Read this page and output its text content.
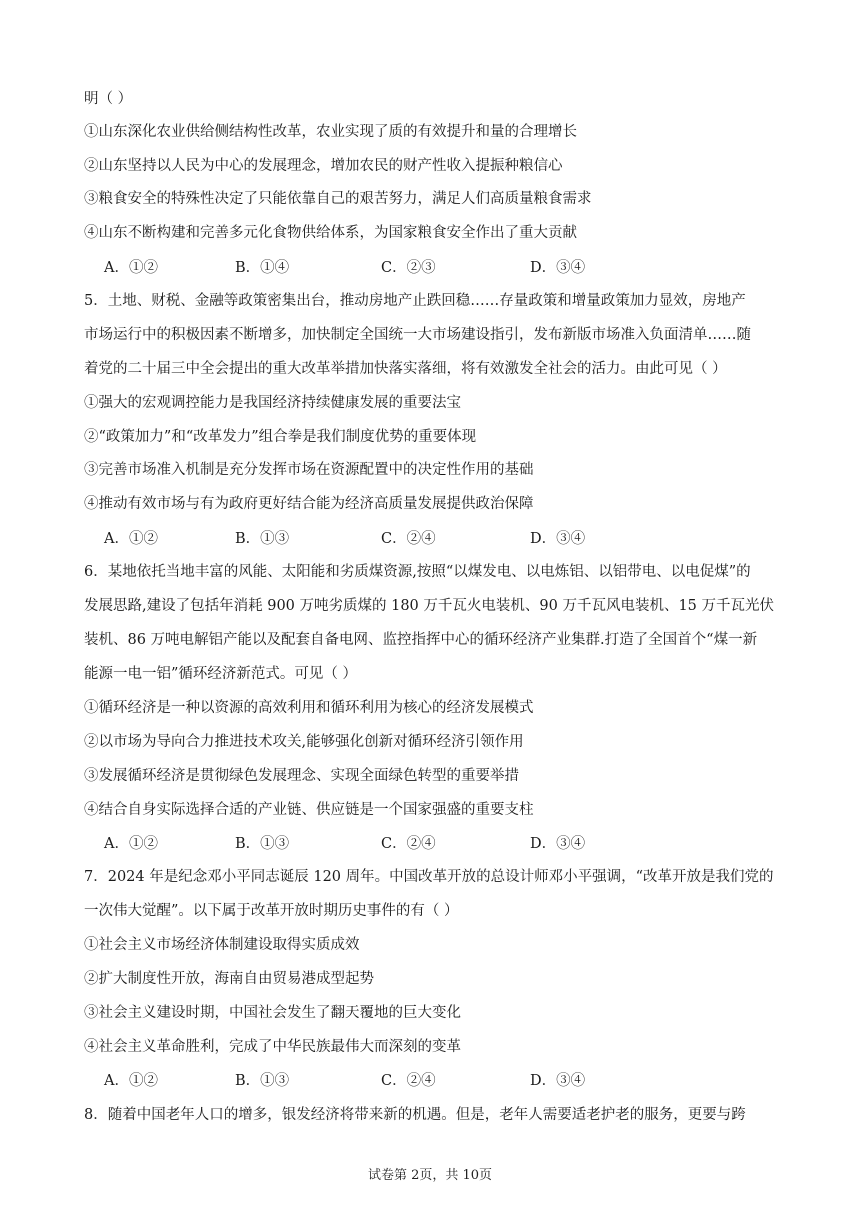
明（ ）
①山东深化农业供给侧结构性改革，农业实现了质的有效提升和量的合理增长
②山东坚持以人民为中心的发展理念，增加农民的财产性收入提振种粮信心
③粮食安全的特殊性决定了只能依靠自己的艰苦努力，满足人们高质量粮食需求
④山东不断构建和完善多元化食物供给体系，为国家粮食安全作出了重大贡献
A．①②	B．①④	C．②③	D．③④
5．土地、财税、金融等政策密集出台，推动房地产止跌回稳……存量政策和增量政策加力显效，房地产
市场运行中的积极因素不断增多，加快制定全国统一大市场建设指引，发布新版市场准入负面清单……随
着党的二十届三中全会提出的重大改革举措加快落实落细，将有效激发全社会的活力。由此可见（ ）
①强大的宏观调控能力是我国经济持续健康发展的重要法宝
②“政策加力”和“改革发力”组合拳是我们制度优势的重要体现
③完善市场准入机制是充分发挥市场在资源配置中的决定性作用的基础
④推动有效市场与有为政府更好结合能为经济高质量发展提供政治保障
A．①②	B．①③	C．②④	D．③④
6．某地依托当地丰富的风能、太阳能和劣质煤资源,按照“以煤发电、以电炼铝、以铝带电、以电促煤”的
发展思路,建设了包括年消耗 900 万吨劣质煤的 180 万千瓦火电装机、90 万千瓦风电装机、15 万千瓦光伏
装机、86 万吨电解铝产能以及配套自备电网、监控指挥中心的循环经济产业集群.打造了全国首个“煤一新
能源一电一铝”循环经济新范式。可见（ ）
①循环经济是一种以资源的高效利用和循环利用为核心的经济发展模式
②以市场为导向合力推进技术攻关,能够强化创新对循环经济引领作用
③发展循环经济是贯彻绿色发展理念、实现全面绿色转型的重要举措
④结合自身实际选择合适的产业链、供应链是一个国家强盛的重要支柱
A．①②	B．①③	C．②④	D．③④
7．2024 年是纪念邓小平同志诞辰 120 周年。中国改革开放的总设计师邓小平强调，“改革开放是我们党的
一次伟大觉醒”。以下属于改革开放时期历史事件的有（ ）
①社会主义市场经济体制建设取得实质成效
②扩大制度性开放，海南自由贸易港成型起势
③社会主义建设时期，中国社会发生了翻天覆地的巨大变化
④社会主义革命胜利，完成了中华民族最伟大而深刻的变革
A．①②	B．①③	C．②④	D．③④
8．随着中国老年人口的增多，银发经济将带来新的机遇。但是，老年人需要适老护老的服务，更要与跨
试卷第 2页，共 10页
